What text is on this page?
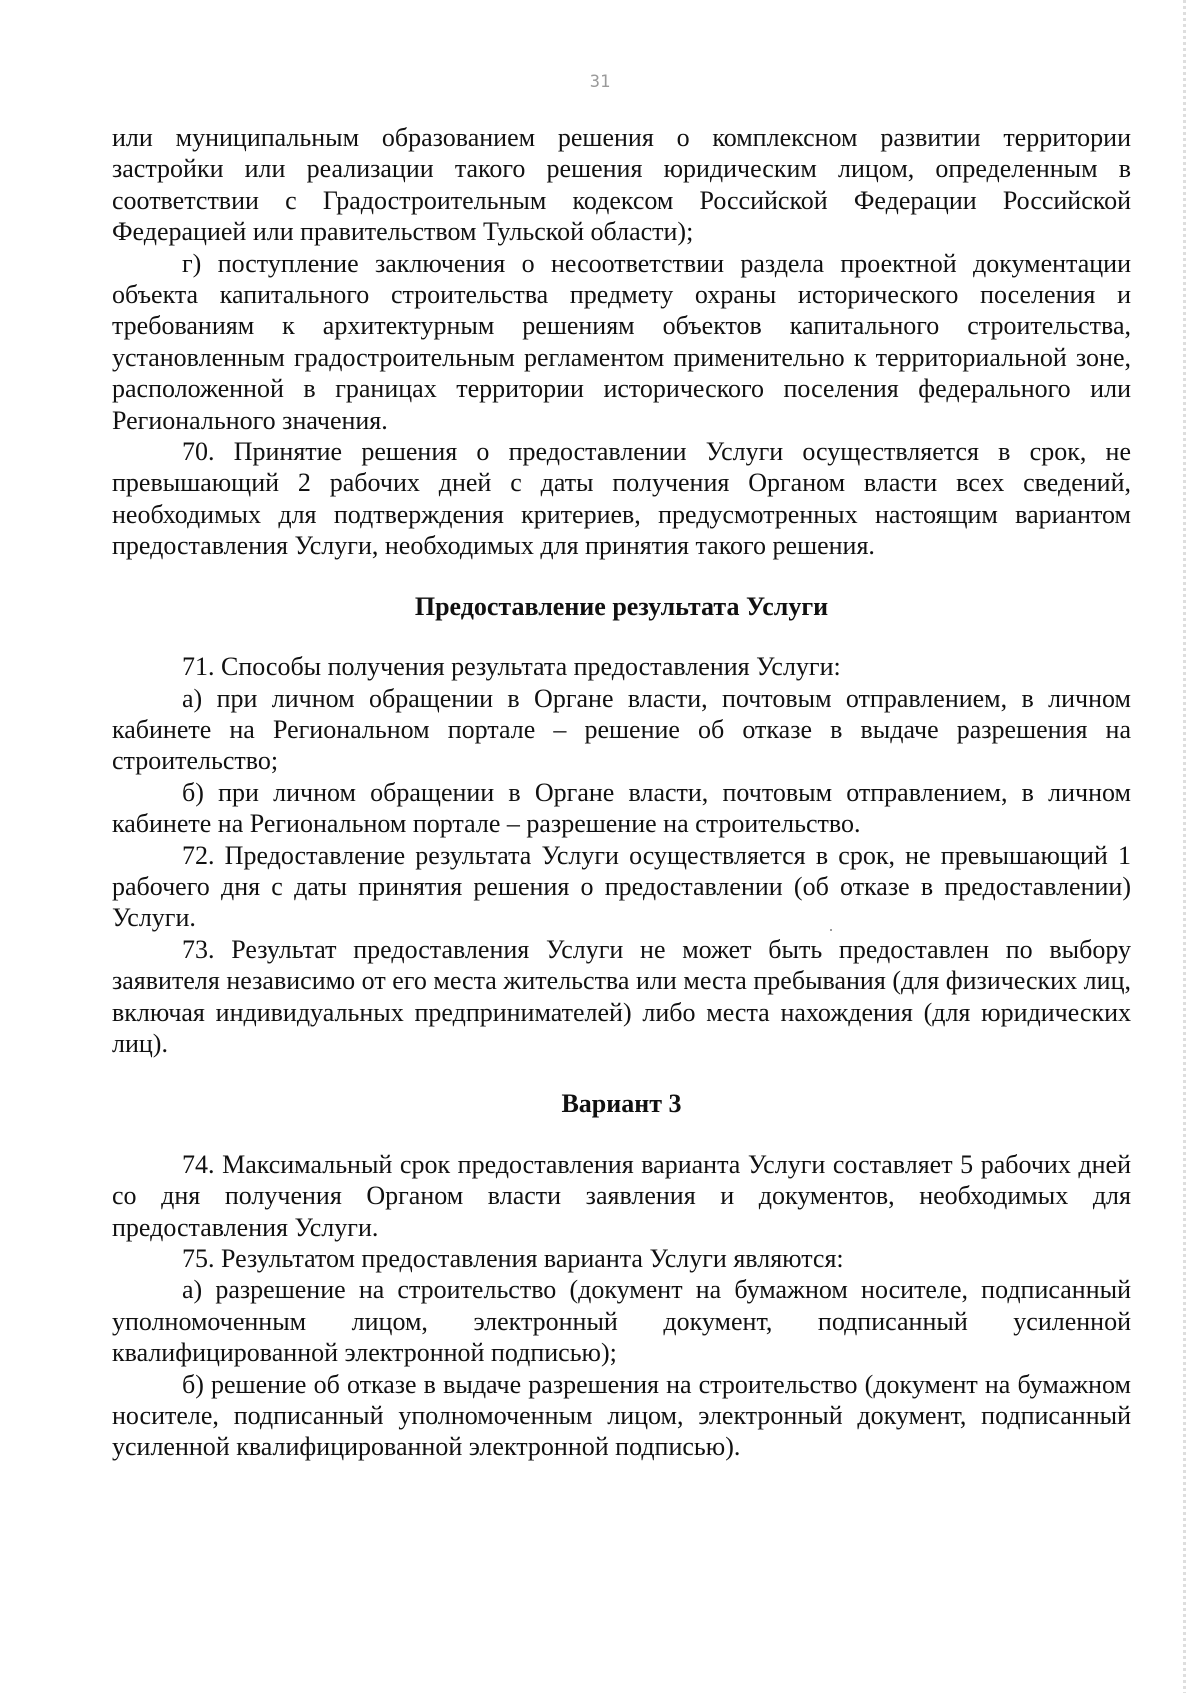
31

или муниципальным образованием решения о комплексном развитии территории застройки или реализации такого решения юридическим лицом, определенным в соответствии с Градостроительным кодексом Российской Федерации Российской Федерацией или правительством Тульской области);

г) поступление заключения о несоответствии раздела проектной документации объекта капитального строительства предмету охраны исторического поселения и требованиям к архитектурным решениям объектов капитального строительства, установленным градостроительным регламентом применительно к территориальной зоне, расположенной в границах территории исторического поселения федерального или Регионального значения.

70. Принятие решения о предоставлении Услуги осуществляется в срок, не превышающий 2 рабочих дней с даты получения Органом власти всех сведений, необходимых для подтверждения критериев, предусмотренных настоящим вариантом предоставления Услуги, необходимых для принятия такого решения.

Предоставление результата Услуги

71. Способы получения результата предоставления Услуги:

а) при личном обращении в Органе власти, почтовым отправлением, в личном кабинете на Региональном портале – решение об отказе в выдаче разрешения на строительство;

б) при личном обращении в Органе власти, почтовым отправлением, в личном кабинете на Региональном портале – разрешение на строительство.

72. Предоставление результата Услуги осуществляется в срок, не превышающий 1 рабочего дня с даты принятия решения о предоставлении (об отказе в предоставлении) Услуги.

73. Результат предоставления Услуги не может быть предоставлен по выбору заявителя независимо от его места жительства или места пребывания (для физических лиц, включая индивидуальных предпринимателей) либо места нахождения (для юридических лиц).

Вариант 3

74. Максимальный срок предоставления варианта Услуги составляет 5 рабочих дней со дня получения Органом власти заявления и документов, необходимых для предоставления Услуги.

75. Результатом предоставления варианта Услуги являются:

а) разрешение на строительство (документ на бумажном носителе, подписанный уполномоченным лицом, электронный документ, подписанный усиленной квалифицированной электронной подписью);

б) решение об отказе в выдаче разрешения на строительство (документ на бумажном носителе, подписанный уполномоченным лицом, электронный документ, подписанный усиленной квалифицированной электронной подписью).
